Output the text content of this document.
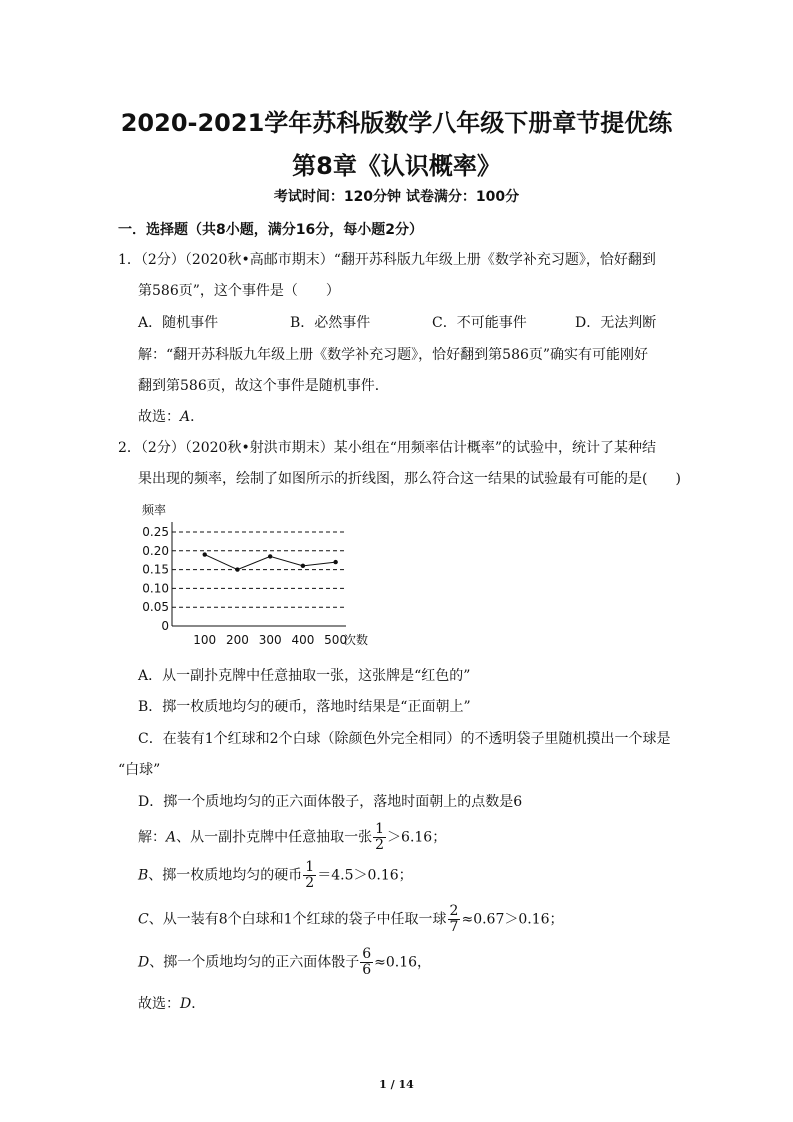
2020-2021学年苏科版数学八年级下册章节提优练
第8章《认识概率》
考试时间：120分钟 试卷满分：100分
一．选择题（共8小题，满分16分，每小题2分）
1．（2分）（2020秋•高邮市期末）“翻开苏科版九年级上册《数学补充习题》，恰好翻到
第586页”，这个事件是（　　）
A．随机事件	B．必然事件	C．不可能事件	D．无法判断
解：“翻开苏科版九年级上册《数学补充习题》，恰好翻到第586页”确实有可能刚好
翻到第586页，故这个事件是随机事件．
故选：A．
2．（2分）（2020秋•射洪市期末）某小组在“用频率估计概率”的试验中，统计了某种结
果出现的频率，绘制了如图所示的折线图，那么符合这一结果的试验最有可能的是(　　)
频率
0.25
0.20
0.15
0.10
0.05
0
100 200 300 400 500
次数
A．从一副扑克牌中任意抽取一张，这张牌是“红色的”
B．掷一枚质地均匀的硬币，落地时结果是“正面朝上”
C．在装有1个红球和2个白球（除颜色外完全相同）的不透明袋子里随机摸出一个球是
“白球”
D．掷一个质地均匀的正六面体骰子，落地时面朝上的点数是6
解：A、从一副扑克牌中任意抽取一张 $\frac{1}{2} >6.16$；
B、掷一枚质地均匀的硬币 $\frac{1}{2} =4.5>0.16$；
C、从一装有8个白球和1个红球的袋子中任取一球 $\frac{2}{7} \approx 0.67>0.16$；
D、掷一个质地均匀的正六面体骰子 $\frac{6}{6} \approx 0.16$，
故选：D．
1 / 14
